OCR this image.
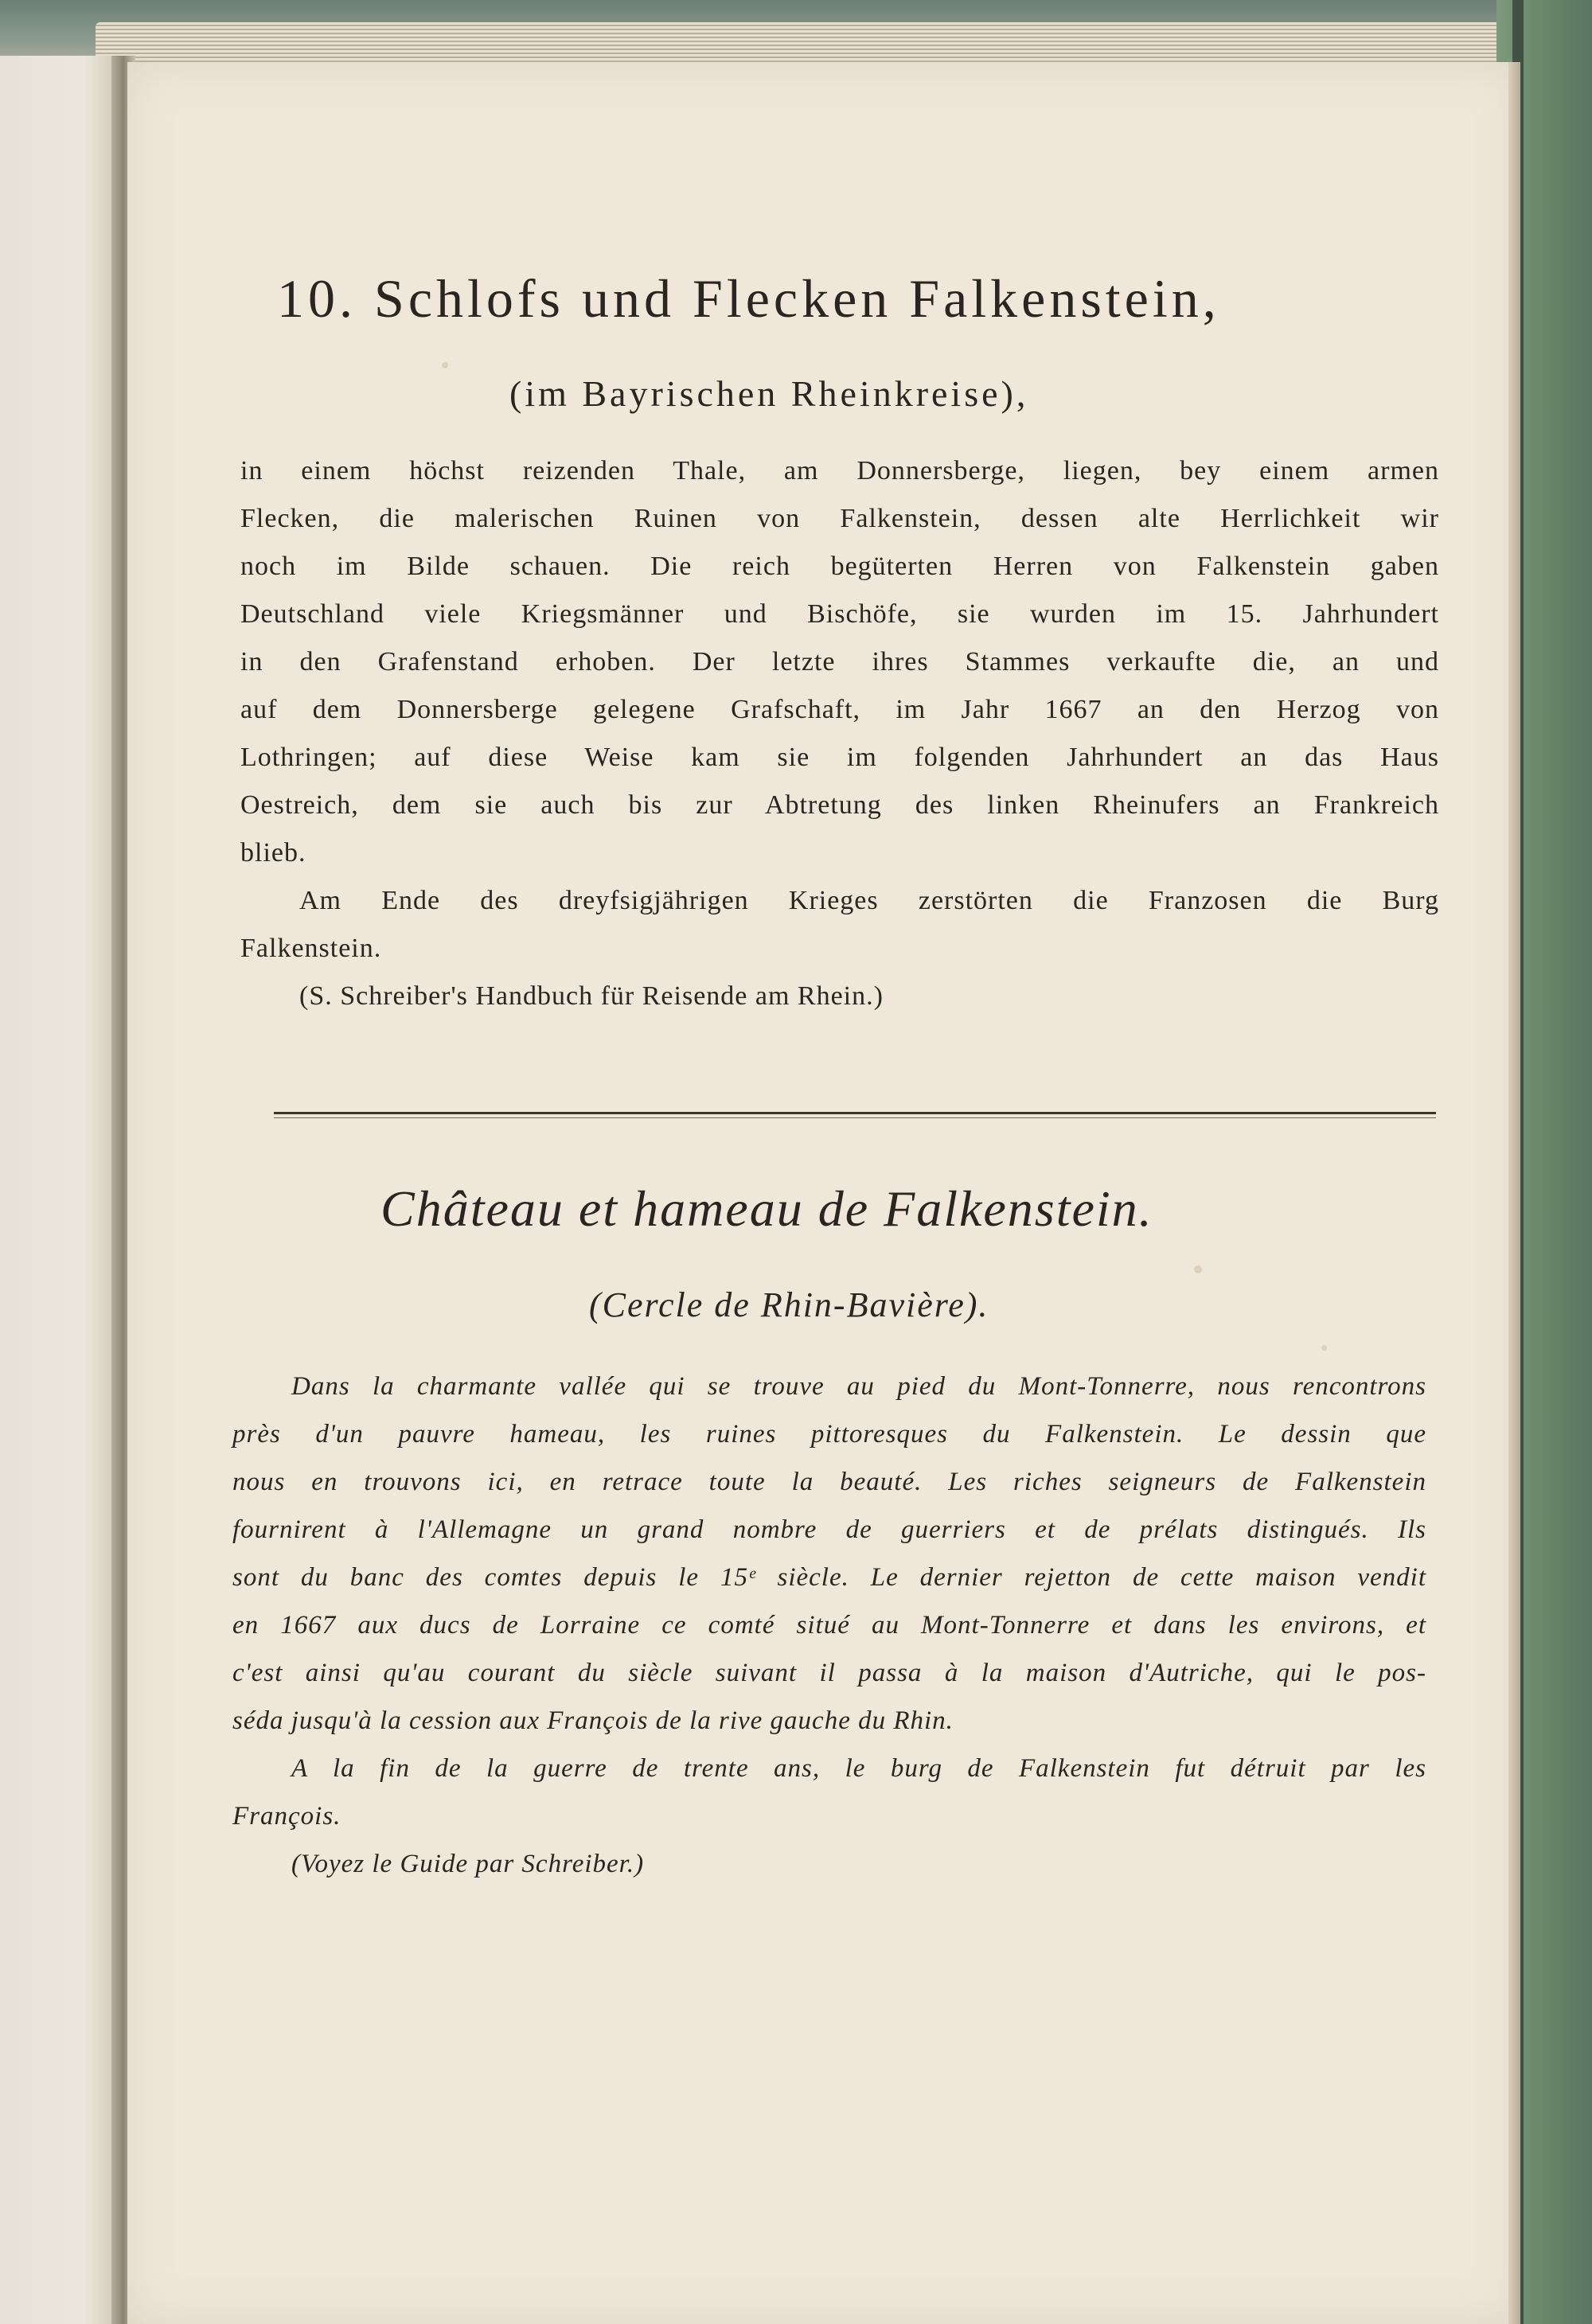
10. Schlofs und Flecken Falkenstein,
(im Bayrischen Rheinkreise),
in einem höchst reizenden Thale, am Donnersberge, liegen, bey einem armen
Flecken, die malerischen Ruinen von Falkenstein, dessen alte Herrlichkeit wir
noch im Bilde schauen. Die reich begüterten Herren von Falkenstein gaben
Deutschland viele Kriegsmänner und Bischöfe, sie wurden im 15. Jahrhundert
in den Grafenstand erhoben. Der letzte ihres Stammes verkaufte die, an und
auf dem Donnersberge gelegene Grafschaft, im Jahr 1667 an den Herzog von
Lothringen; auf diese Weise kam sie im folgenden Jahrhundert an das Haus
Oestreich, dem sie auch bis zur Abtretung des linken Rheinufers an Frankreich
blieb.
Am Ende des dreyfsigjährigen Krieges zerstörten die Franzosen die Burg
Falkenstein.
(S. Schreiber's Handbuch für Reisende am Rhein.)
Château et hameau de Falkenstein.
(Cercle de Rhin-Bavière).
Dans la charmante vallée qui se trouve au pied du Mont-Tonnerre, nous rencontrons
près d'un pauvre hameau, les ruines pittoresques du Falkenstein. Le dessin que
nous en trouvons ici, en retrace toute la beauté. Les riches seigneurs de Falkenstein
fournirent à l'Allemagne un grand nombre de guerriers et de prélats distingués. Ils
sont du banc des comtes depuis le 15ᵉ siècle. Le dernier rejetton de cette maison vendit
en 1667 aux ducs de Lorraine ce comté situé au Mont-Tonnerre et dans les environs, et
c'est ainsi qu'au courant du siècle suivant il passa à la maison d'Autriche, qui le pos-
séda jusqu'à la cession aux François de la rive gauche du Rhin.
A la fin de la guerre de trente ans, le burg de Falkenstein fut détruit par les
François.
(Voyez le Guide par Schreiber.)
